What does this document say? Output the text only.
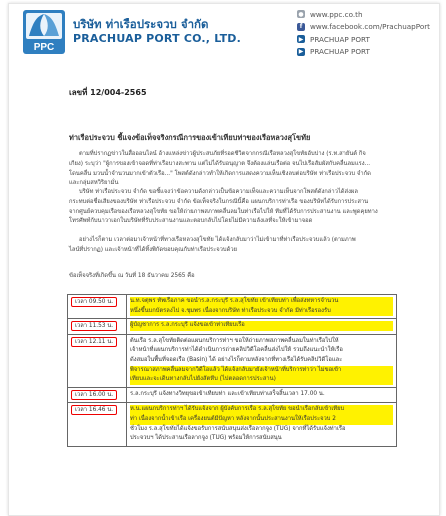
PPC
บริษัท ท่าเรือประจวบ จำกัด
PRACHUAP PORT CO., LTD.
● www.ppc.co.th
f	www.facebook.com/PrachuapPort
▶ PRACHUAP PORT
▶ PRACHUAP PORT
เลขที่ 12/004-2565
ท่าเรือประจวบ ชี้แจงข้อเท็จจริงกรณีการของเข้าเทียบท่าของเรือหลวงสุโขทัย
ตามที่ปรากฏข่าวในสื่อออนไลน์ อ้างแหล่งข่าวผู้ประสบภัยที่รอดชีวิตจากกรณีเรือหลวงสุโขทัยอับปาง (ร.ท.สายันต์ กิจ
เกียง) ระบุว่า "ผู้การของเข้าจอดที่ท่าเรือบางสะพาน แต่ไม่ได้รับอนุญาต จึงต้องแล่นเรือต่อ จนไปเรือสัมผัสกับคลื่นลมแรง...
โดนคลื่น มวนน้ำจำนวนมากเข้าตัวเรือ..." โพสต์ดังกล่าวทำให้เกิดการแสดงความเห็นเชิงลบต่อบริษัท ท่าเรือประจวบ จำกัด
และกลุ่มสหวิริยามั่น
บริษัท ท่าเรือประจวบ จำกัด ขอชี้แจงว่าข้อความดังกล่าวเป็นข้อความเท็จและความเห็นจากโพสต์ดังกล่าวได้ส่งผล
กระทบต่อชื่อเสียงของบริษัท ท่าเรือประจวบ จำกัด ข้อเท็จจริงในกรณีนี้คือ แผนกบริการท่าเรือ ของบริษัทได้รับการประสาน
จากศูนย์ควบคุมเรือของเรือหลวงสุโขทัย ขอให้ถ่ายภาพสภาพคลื่นลมในท่าเรือไปให้ ทีมที่ได้รับการประสานงาน และพูดคุยทาง
โทรศัพท์กับนาวาเอกในบริษัทที่รับประสานงานและตอบกลับไปโดยไม่มีความลังเลที่จะให้เข้ามาจอด
อย่างไรก็ตาม เวลาต่อมาเจ้าหน้าที่ทางเรือหลวงสุโขทัย ได้แจ้งกลับมาว่าไม่เข้ามาที่ท่าเรือประจวบแล้ว (ตามภาพ
ไลน์ที่ปรากฏ) และเจ้าหน้าที่ได้ทิ้งพิกัดขอบคุณกับท่าเรือประจวบด้วย
ข้อเท็จจริงที่เกิดขึ้น ณ วันที่ 18 ธันวาคม 2565 คือ
เวลา 09.50 น.	น.ท.จตุพร ทัพเรือภาค ขอนำร.ล.กระบุรี ร.ล.สุโขทัย เข้าเทียบท่า เพื่อส่งทหารจำนวน
หนึ่งขึ้นบกบัตรลงไป จ.ชุมพร เนื่องจากบริษัท ท่าเรือประจวบ จำกัด มีท่าเรือรองรับ

เวลา 11.53 น.	ผู้บัญชาการ ร.ล.กระบุรี แจ้งขอเข้าท่าเทียบเรือ

เวลา 12.11 น.	ต้นเรือ ร.ล.สุโขทัยติดต่อแผนกบริการท่าฯ ขอให้ถ่ายภาพสภาพคลื่นลมในท่าเรือไปให้
เจ้าหน้าที่แผนกบริการท่าได้ดำเนินการถ่ายคลิปวิดีโอคลื่นส่งไปให้ รวมถึงแนะนำให้เรือ
ดังสมอในพื้นที่จอดเรือ (Basin) ได้ อย่างไรก็ตามหลังจากที่ทางเรือได้รับคลิปวิดีโอและ
พิจารณาสภาพคลื่นลมจากวิดีโอแล้ว ได้แจ้งกลับมายังเจ้าหน้าที่บริการท่าว่า ไม่ขอเข้า
เทียบและจะเดินทางกลับไปยังสัตหีบ (ไปตลอดการประสาน)

เวลา 16.00 น.	ร.ล.กระบุรี แจ้งทางวิทยุขอเข้าเทียบท่า และเข้าเทียบท่าเสร็จสิ้นเวลา 17.00 น.

เวลา 16.46 น.	ห.น.แผนกบริการท่าฯ ได้รับแจ้งจาก ผู้บังคับการเรือ ร.ล.สุโขทัย ขอนำเรือกลับเข้าเทียบ
ท่า เนื่องจากน้ำเข้าเรือ เครื่องยนต์มีปัญหา หลังจากนั้นประสานงานให้เรือประจวบ 2
ชั่วโมง ร.ล.สุโขทัยได้แจ้งขอรับการสนับสนุนส่งเรือลากจูง (TUG) จากที่ได้รับแจ้งท่าเรือ
ประจวบฯ ได้ประสานเรือลากจูง (TUG) พร้อมให้การสนับสนุน
